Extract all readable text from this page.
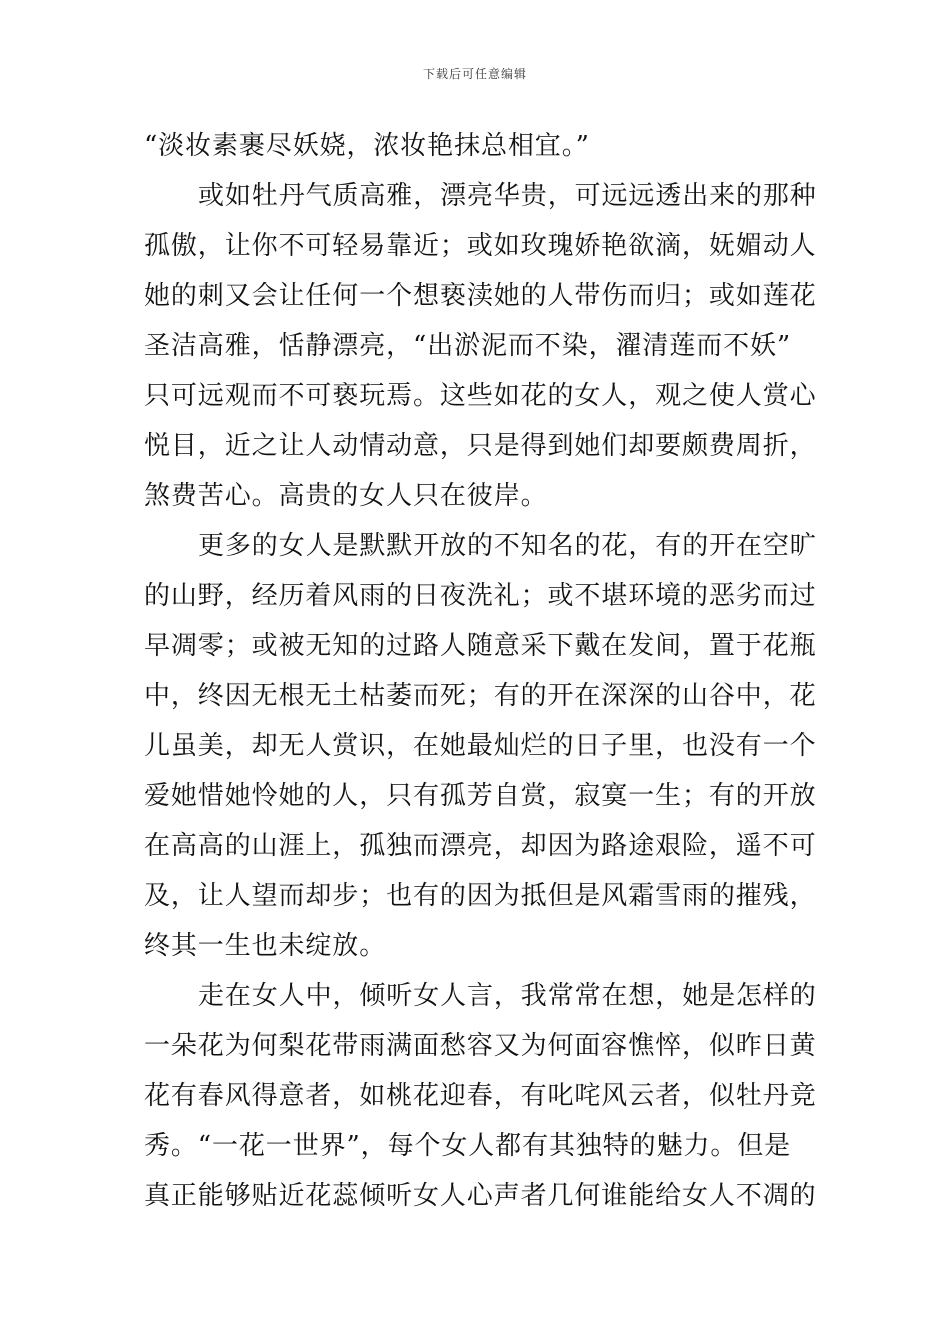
下载后可任意编辑
“淡妆素裹尽妖娆，浓妆艳抹总相宜。”
或如牡丹气质高雅，漂亮华贵，可远远透出来的那种
孤傲，让你不可轻易靠近；或如玫瑰娇艳欲滴，妩媚动人
她的刺又会让任何一个想亵渎她的人带伤而归；或如莲花
圣洁高雅，恬静漂亮，“出淤泥而不染，濯清莲而不妖”
只可远观而不可亵玩焉。这些如花的女人，观之使人赏心
悦目，近之让人动情动意，只是得到她们却要颇费周折，
煞费苦心。高贵的女人只在彼岸。
更多的女人是默默开放的不知名的花，有的开在空旷
的山野，经历着风雨的日夜洗礼；或不堪环境的恶劣而过
早凋零；或被无知的过路人随意采下戴在发间，置于花瓶
中，终因无根无土枯萎而死；有的开在深深的山谷中，花
儿虽美，却无人赏识，在她最灿烂的日子里，也没有一个
爱她惜她怜她的人，只有孤芳自赏，寂寞一生；有的开放
在高高的山涯上，孤独而漂亮，却因为路途艰险，遥不可
及，让人望而却步；也有的因为抵但是风霜雪雨的摧残，
终其一生也未绽放。
走在女人中，倾听女人言，我常常在想，她是怎样的
一朵花为何梨花带雨满面愁容又为何面容憔悴，似昨日黄
花有春风得意者，如桃花迎春，有叱咤风云者，似牡丹竞
秀。“一花一世界”，每个女人都有其独特的魅力。但是
真正能够贴近花蕊倾听女人心声者几何谁能给女人不凋的
